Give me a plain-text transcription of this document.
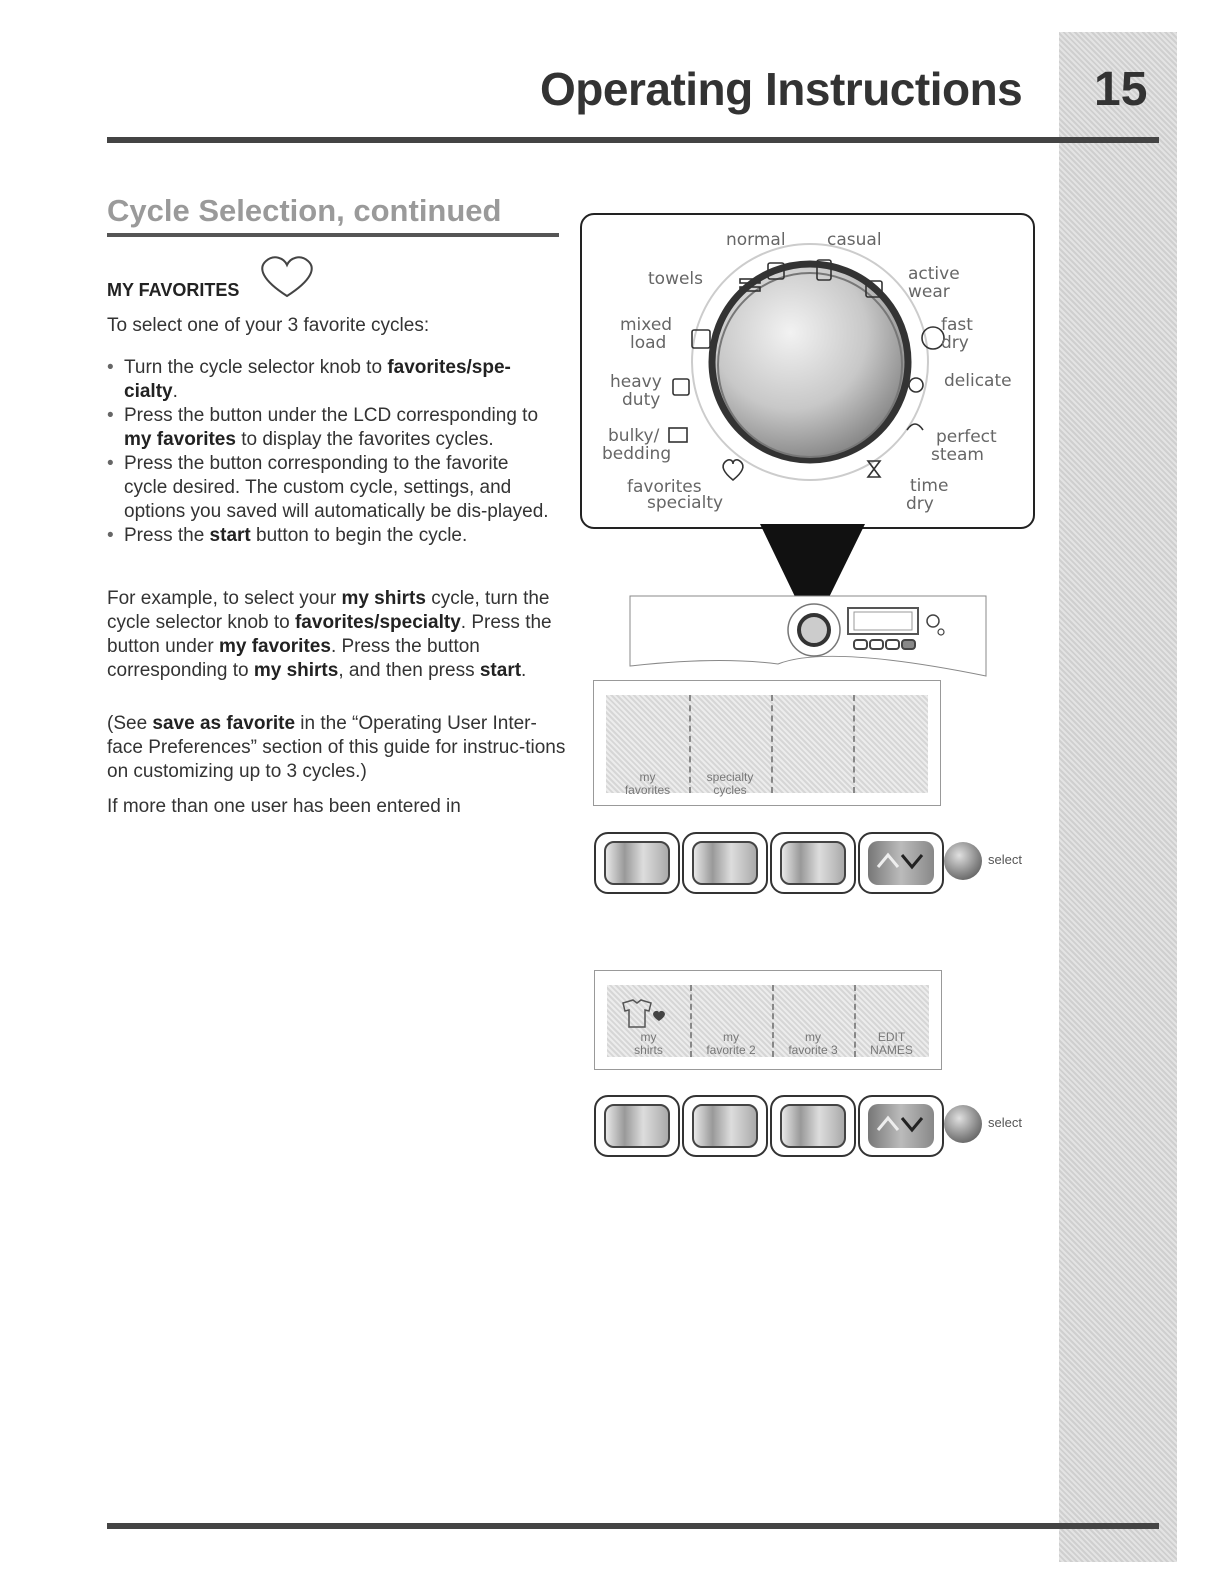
Operating Instructions 15
Cycle Selection, continued
MY FAVORITES
To select one of your 3 favorite cycles:
• Turn the cycle selector knob to favorites/spe-cialty.
• Press the button under the LCD corresponding to my favorites to display the favorites cycles.
• Press the button corresponding to the favorite cycle desired. The custom cycle, settings, and options you saved will automatically be dis-played.
• Press the start button to begin the cycle.
For example, to select your my shirts cycle, turn the cycle selector knob to favorites/specialty. Press the button under my favorites. Press the button corresponding to my shirts, and then press start.
(See save as favorite in the “Operating User Inter-face Preferences” section of this guide for instruc-tions on customizing up to 3 cycles.)
If more than one user has been entered in
normal casual
towels	active
wear
mixed
load
fast
dry
heavy
duty
delicate
bulky/
bedding
perfect
steam
favorites
specialty
time
dry
my
favorites
specialty
cycles
select
my
shirts
my
favorite 2
my
favorite 3
EDIT
NAMES
select
